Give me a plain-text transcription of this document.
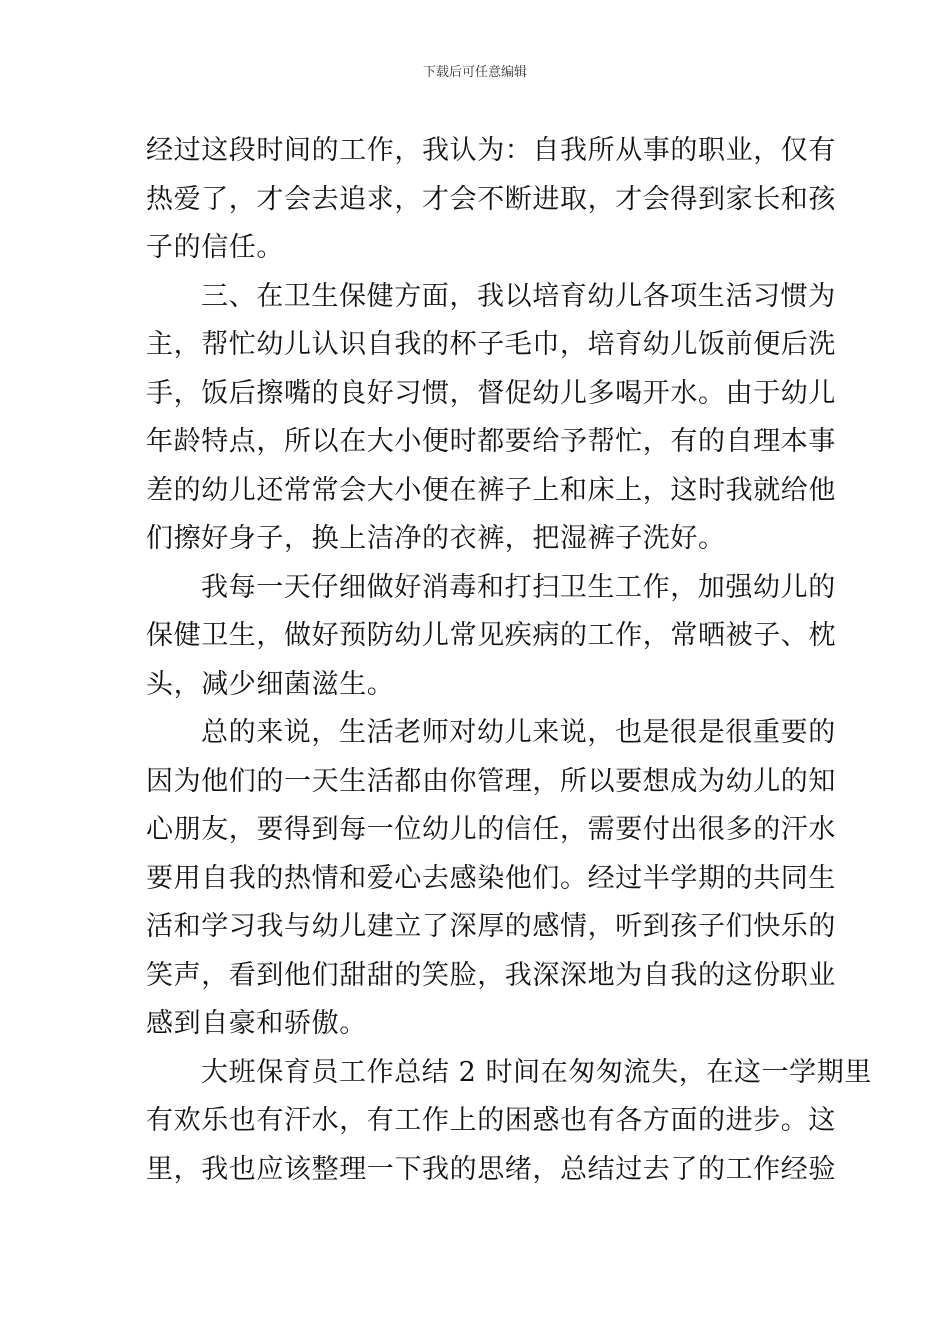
下载后可任意编辑

经过这段时间的工作，我认为：自我所从事的职业，仅有
热爱了，才会去追求，才会不断进取，才会得到家长和孩
子的信任。

三、在卫生保健方面，我以培育幼儿各项生活习惯为
主，帮忙幼儿认识自我的杯子毛巾，培育幼儿饭前便后洗
手，饭后擦嘴的良好习惯，督促幼儿多喝开水。由于幼儿
年龄特点，所以在大小便时都要给予帮忙，有的自理本事
差的幼儿还常常会大小便在裤子上和床上，这时我就给他
们擦好身子，换上洁净的衣裤，把湿裤子洗好。

我每一天仔细做好消毒和打扫卫生工作，加强幼儿的
保健卫生，做好预防幼儿常见疾病的工作，常晒被子、枕
头，减少细菌滋生。

总的来说，生活老师对幼儿来说，也是很是很重要的
因为他们的一天生活都由你管理，所以要想成为幼儿的知
心朋友，要得到每一位幼儿的信任，需要付出很多的汗水
要用自我的热情和爱心去感染他们。经过半学期的共同生
活和学习我与幼儿建立了深厚的感情，听到孩子们快乐的
笑声，看到他们甜甜的笑脸，我深深地为自我的这份职业
感到自豪和骄傲。

大班保育员工作总结 2 时间在匆匆流失，在这一学期里
有欢乐也有汗水，有工作上的困惑也有各方面的进步。这
里，我也应该整理一下我的思绪，总结过去了的工作经验
